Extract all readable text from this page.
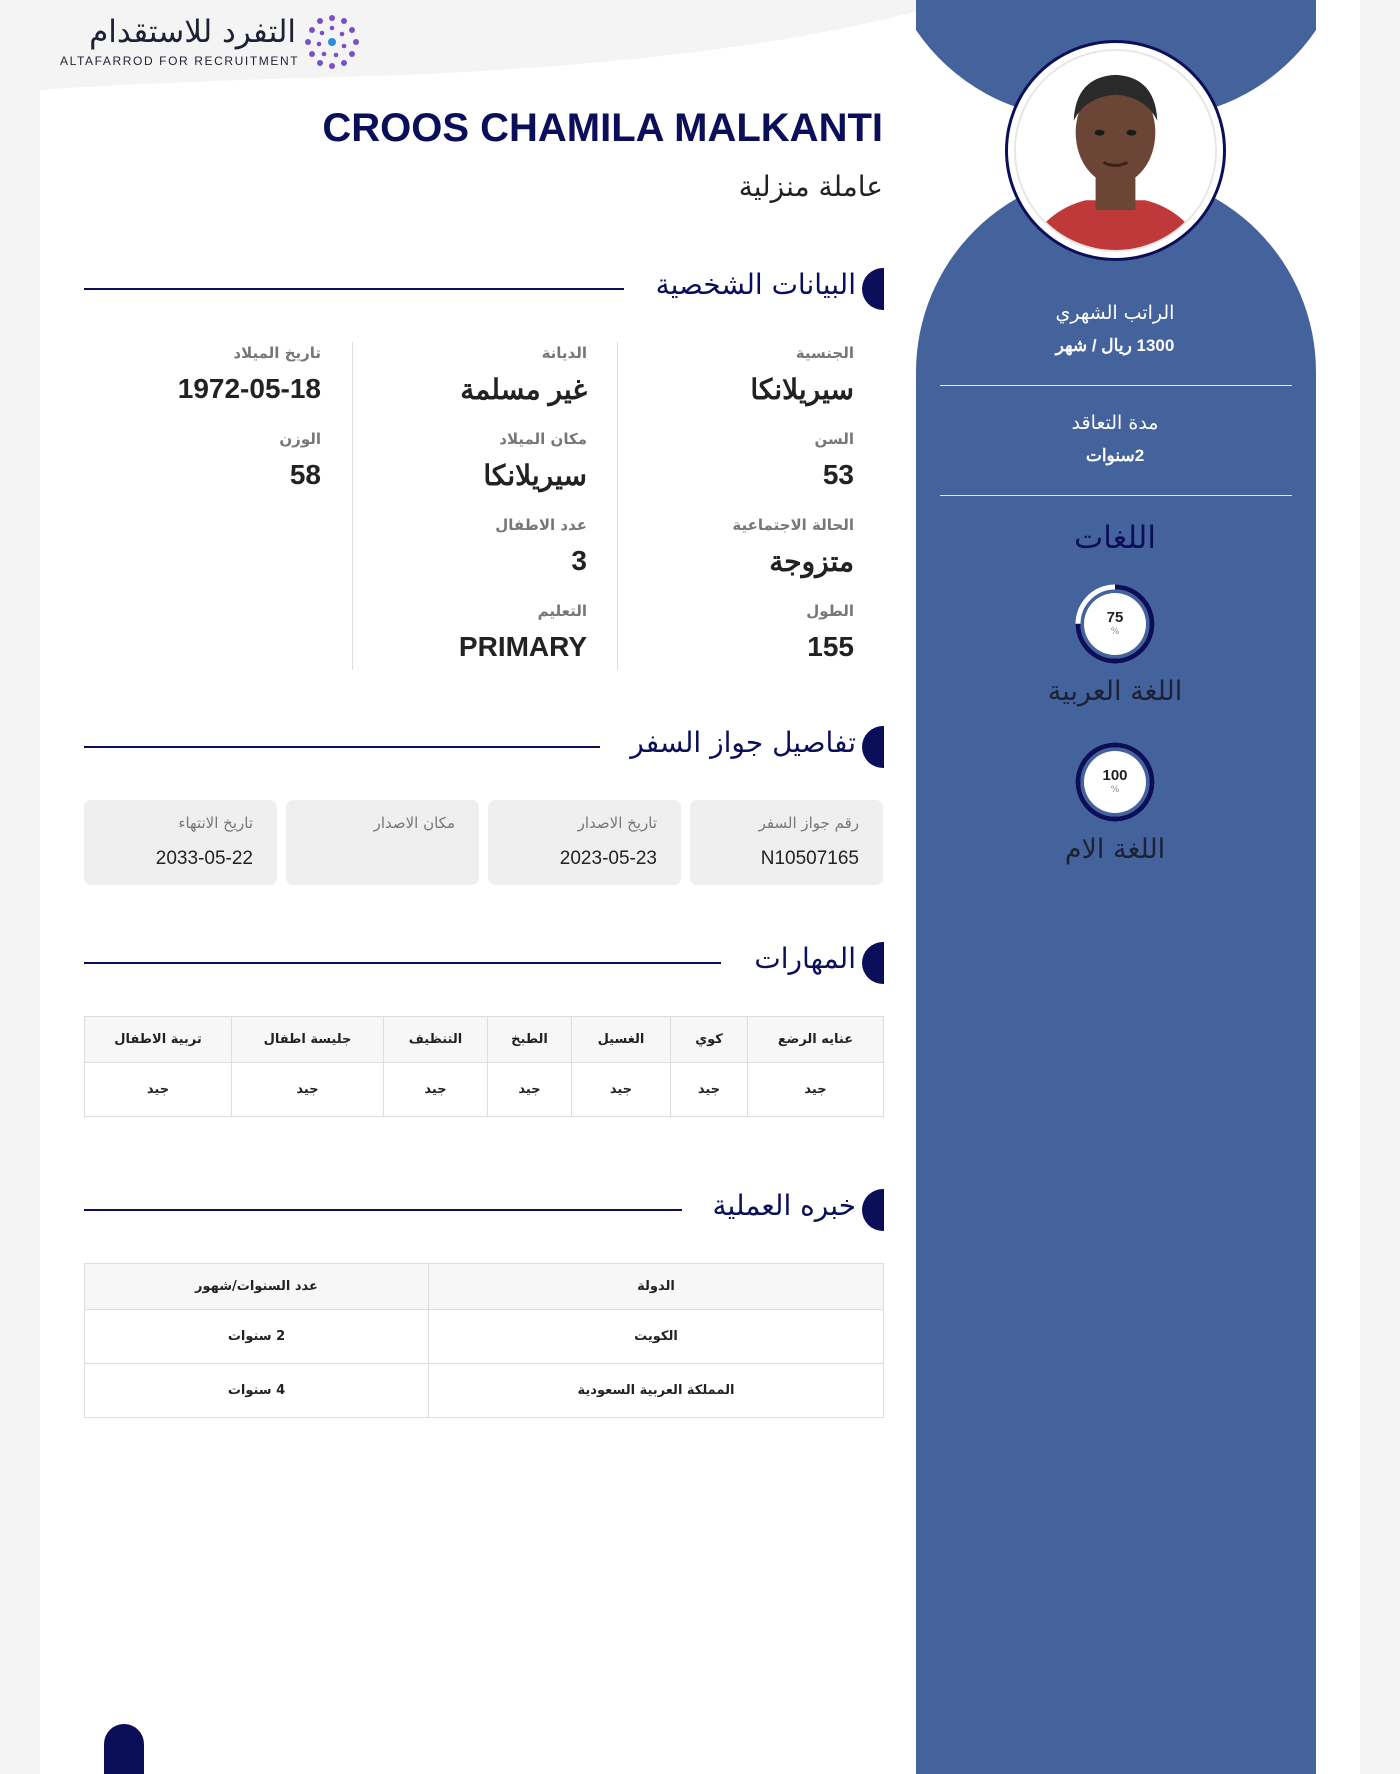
التفرد للاستقدام
ALTAFARROD FOR RECRUITMENT
الراتب الشهري
1300 ريال / شهر
مدة التعاقد
2سنوات
اللغات
75
%
اللغة العربية
100
%
اللغة الام
CROOS CHAMILA MALKANTI
عاملة منزلية
البيانات الشخصية
الجنسية
سيريلانكا
السن
53
الحالة الاجتماعية
متزوجة
الطول
155
الديانة
غير مسلمة
مكان الميلاد
سيريلانكا
عدد الاطفال
3
التعليم
PRIMARY
تاريخ الميلاد
1972-05-18
الوزن
58
تفاصيل جواز السفر
رقم جواز السفر
N10507165
تاريخ الاصدار
2023-05-23
مكان الاصدار
تاريخ الانتهاء
2033-05-22
المهارات
عنايه الرضع	كوي	الغسيل	الطبخ	التنظيف	جليسة اطفال	تربية الاطفال
جيد	جيد	جيد	جيد	جيد	جيد	جيد
خبره العملية
الدولة	عدد السنوات/شهور
الكويت	2 سنوات
المملكة العربية السعودية	4 سنوات
